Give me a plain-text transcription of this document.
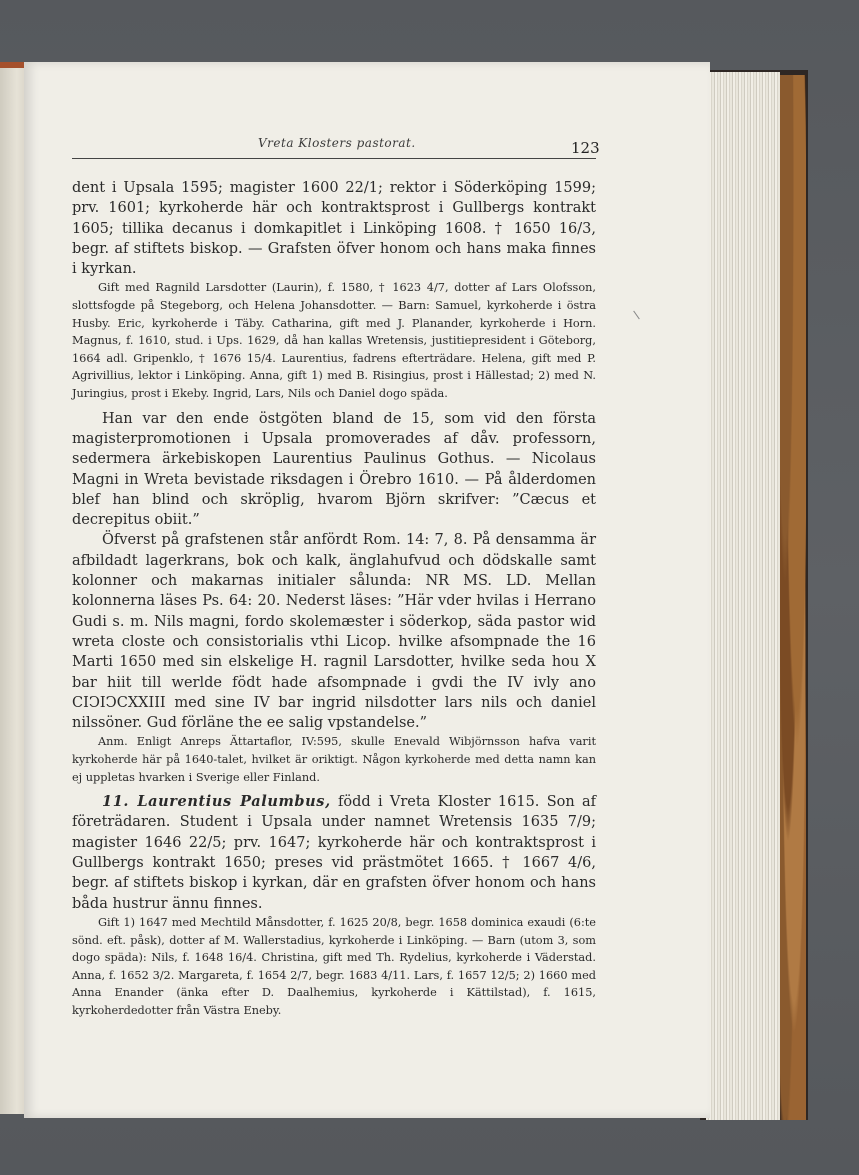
Vreta Klosters pastorat.	123

dent i Upsala 1595; magister 1600 22/1; rektor i Söderköping 1599; prv. 1601; kyrkoherde här och kontraktsprost i Gullbergs kontrakt 1605; tillika decanus i domkapitlet i Linköping 1608. † 1650 16/3, begr. af stiftets biskop. — Grafsten öfver honom och hans maka finnes i kyrkan.

Gift med Ragnild Larsdotter (Laurin), f. 1580, † 1623 4/7, dotter af Lars Olofsson, slottsfogde på Stegeborg, och Helena Johansdotter. — Barn: Samuel, kyrkoherde i östra Husby. Eric, kyrkoherde i Täby. Catharina, gift med J. Planander, kyrkoherde i Horn. Magnus, f. 1610, stud. i Ups. 1629, då han kallas Wretensis, justitiepresident i Göteborg, 1664 adl. Gripenklo, † 1676 15/4. Laurentius, fadrens efterträdare. Helena, gift med P. Agrivillius, lektor i Linköping. Anna, gift 1) med B. Risingius, prost i Hällestad; 2) med N. Juringius, prost i Ekeby. Ingrid, Lars, Nils och Daniel dogo späda.

Han var den ende östgöten bland de 15, som vid den första magisterpromotionen i Upsala promoverades af dåv. professorn, sedermera ärkebiskopen Laurentius Paulinus Gothus. — Nicolaus Magni in Wreta bevistade riksdagen i Örebro 1610. — På ålderdomen blef han blind och skröplig, hvarom Björn skrifver: ”Cæcus et decrepitus obiit.”

Öfverst på grafstenen står anfördt Rom. 14: 7, 8. På densamma är afbildadt lagerkrans, bok och kalk, änglahufvud och dödskalle samt kolonner och makarnas initialer sålunda: NR MS. LD. Mellan kolonnerna läses Ps. 64: 20. Nederst läses: ”Här vder hvilas i Herrano Gudi s. m. Nils magni, fordo skolemæster i söderkop, säda pastor wid wreta closte och consistorialis vthi Licop. hvilke afsompnade the 16 Marti 1650 med sin elskelige H. ragnil Larsdotter, hvilke seda hou X bar hiit till werlde födt hade afsompnade i gvdi the IV ivly ano CIↃIↃCXXIII med sine IV bar ingrid nilsdotter lars nils och daniel nilssöner. Gud förläne the ee salig vpstandelse.”

Anm. Enligt Anreps Ättartaflor, IV:595, skulle Enevald Wibjörnsson hafva varit kyrkoherde här på 1640-talet, hvilket är oriktigt. Någon kyrkoherde med detta namn kan ej uppletas hvarken i Sverige eller Finland.

11. Laurentius Palumbus, född i Vreta Kloster 1615. Son af företrädaren. Student i Upsala under namnet Wretensis 1635 7/9; magister 1646 22/5; prv. 1647; kyrkoherde här och kontraktsprost i Gullbergs kontrakt 1650; preses vid prästmötet 1665. † 1667 4/6, begr. af stiftets biskop i kyrkan, där en grafsten öfver honom och hans båda hustrur ännu finnes.

Gift 1) 1647 med Mechtild Månsdotter, f. 1625 20/8, begr. 1658 dominica exaudi (6:te sönd. eft. påsk), dotter af M. Wallerstadius, kyrkoherde i Linköping. — Barn (utom 3, som dogo späda): Nils, f. 1648 16/4. Christina, gift med Th. Rydelius, kyrkoherde i Väderstad. Anna, f. 1652 3/2. Margareta, f. 1654 2/7, begr. 1683 4/11. Lars, f. 1657 12/5; 2) 1660 med Anna Enander (änka efter D. Daalhemius, kyrkoherde i Kättilstad), f. 1615, kyrkoherdedotter från Västra Eneby.
